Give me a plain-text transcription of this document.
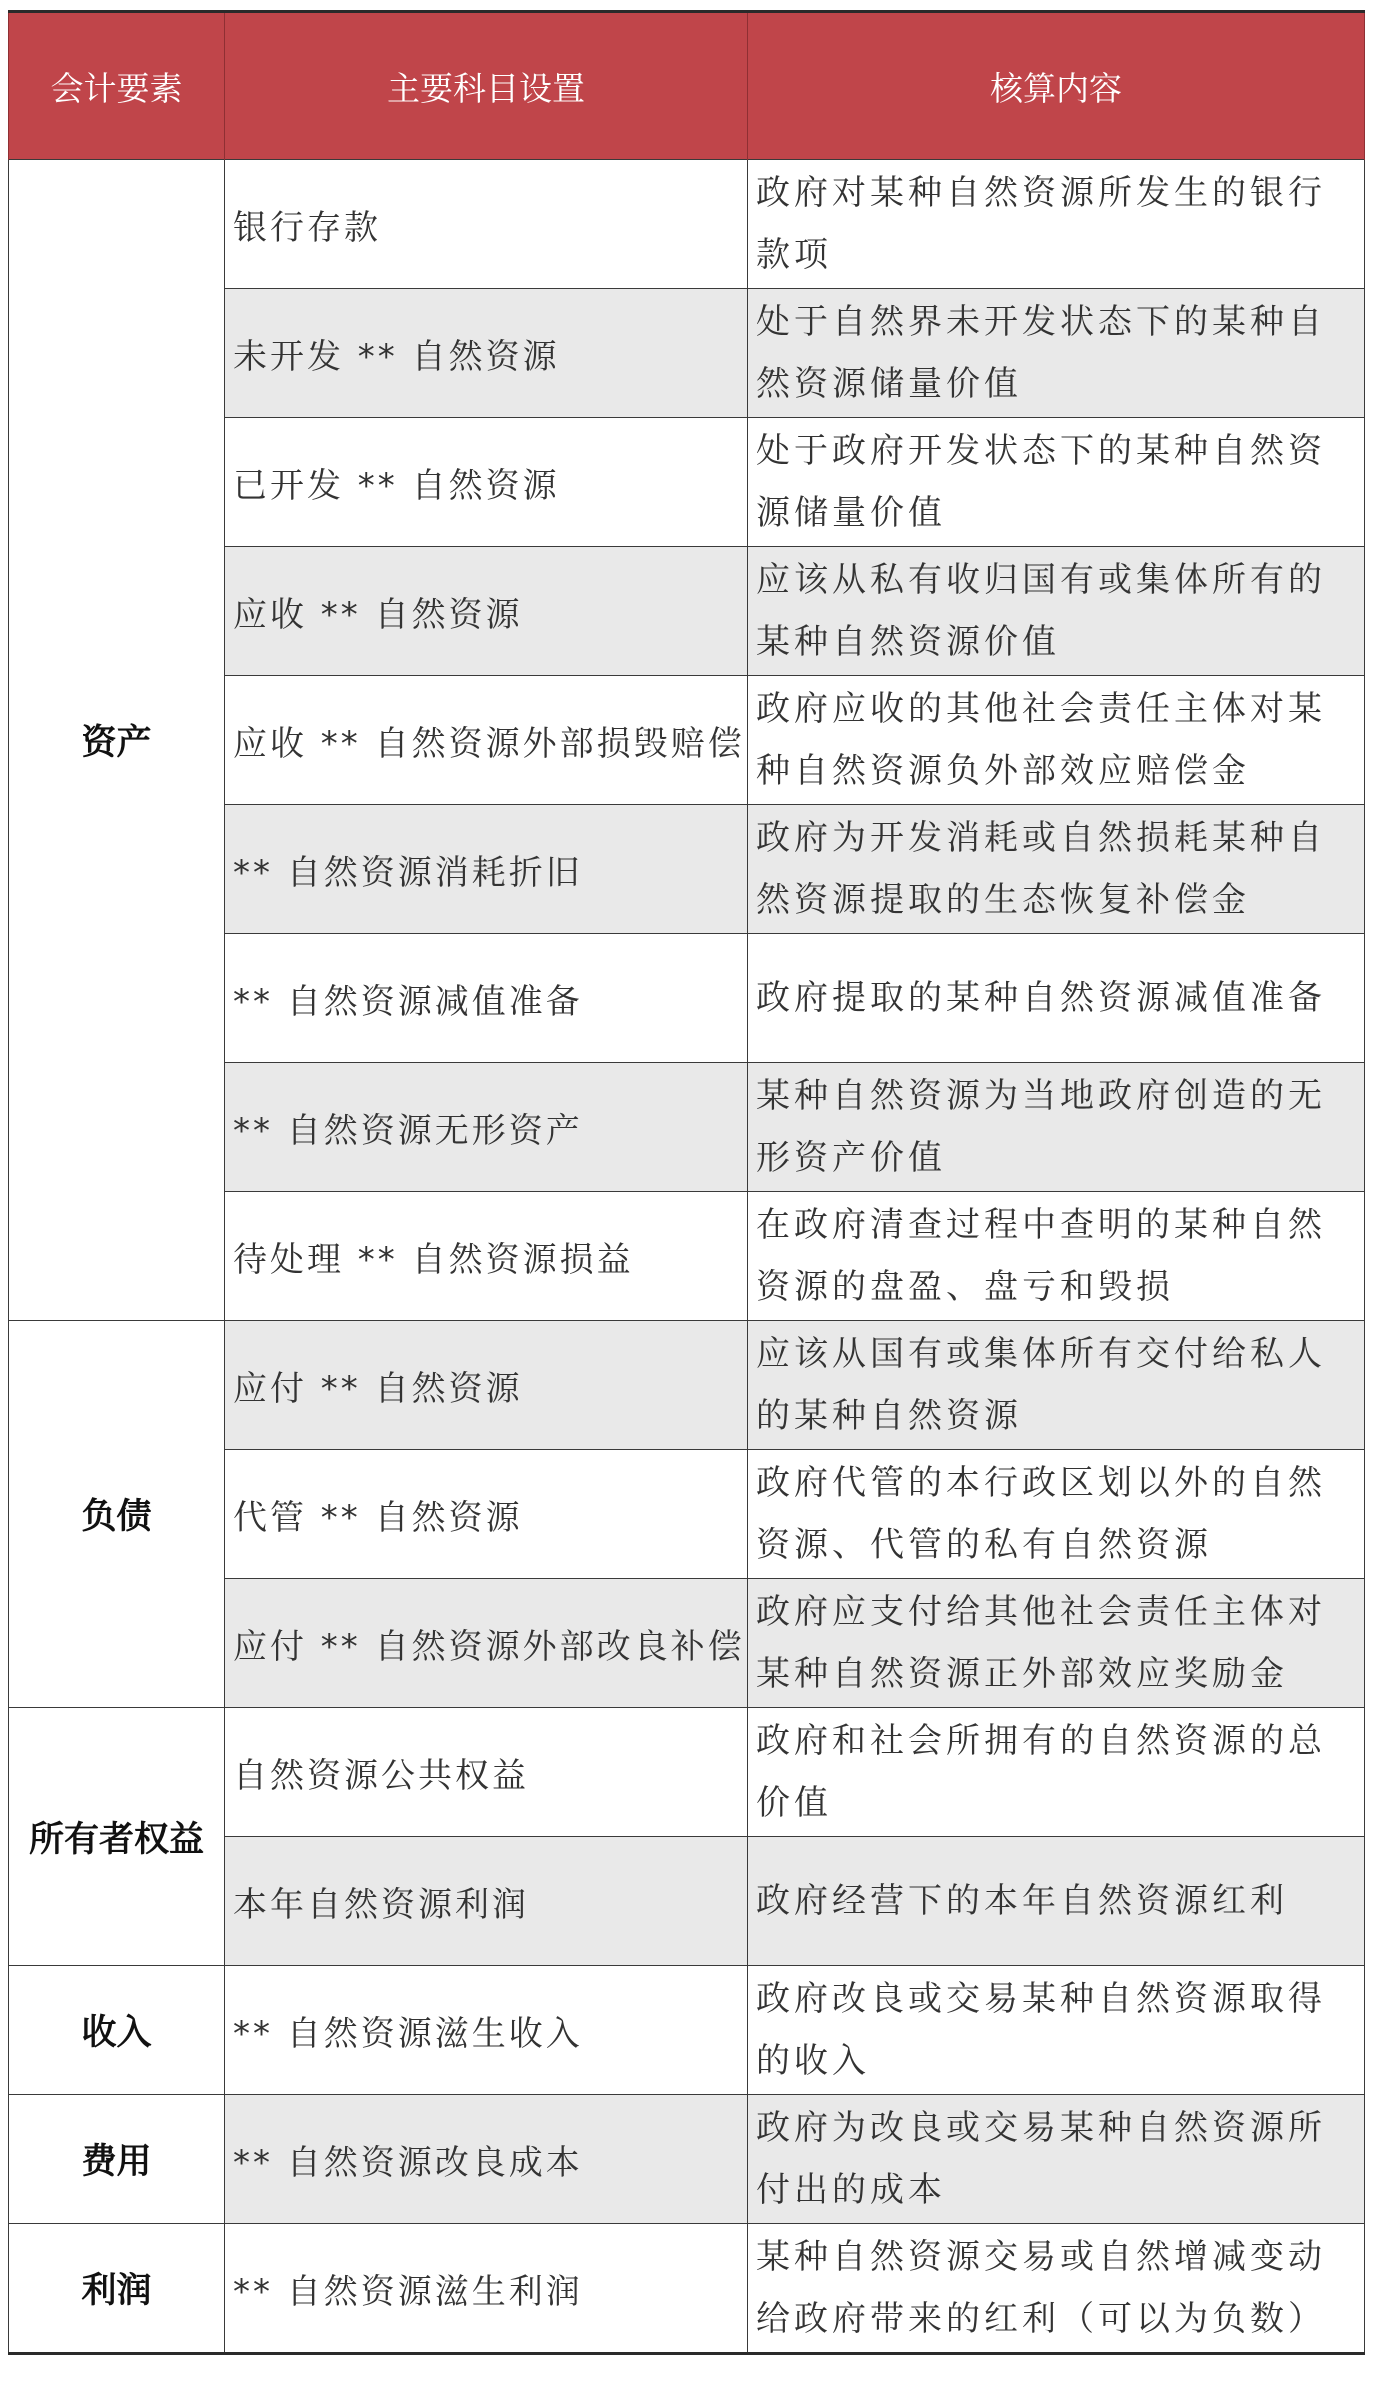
会计要素	主要科目设置	核算内容
资产	银行存款	政府对某种自然资源所发生的银行款项
	未开发 ** 自然资源	处于自然界未开发状态下的某种自然资源储量价值
	已开发 ** 自然资源	处于政府开发状态下的某种自然资源储量价值
	应收 ** 自然资源	应该从私有收归国有或集体所有的某种自然资源价值
	应收 ** 自然资源外部损毁赔偿	政府应收的其他社会责任主体对某种自然资源负外部效应赔偿金
	** 自然资源消耗折旧	政府为开发消耗或自然损耗某种自然资源提取的生态恢复补偿金
	** 自然资源减值准备	政府提取的某种自然资源减值准备
	** 自然资源无形资产	某种自然资源为当地政府创造的无形资产价值
	待处理 ** 自然资源损益	在政府清查过程中查明的某种自然资源的盘盈、盘亏和毁损
负债	应付 ** 自然资源	应该从国有或集体所有交付给私人的某种自然资源
	代管 ** 自然资源	政府代管的本行政区划以外的自然资源、代管的私有自然资源
	应付 ** 自然资源外部改良补偿	政府应支付给其他社会责任主体对某种自然资源正外部效应奖励金
所有者权益	自然资源公共权益	政府和社会所拥有的自然资源的总价值
	本年自然资源利润	政府经营下的本年自然资源红利
收入	** 自然资源滋生收入	政府改良或交易某种自然资源取得的收入
费用	** 自然资源改良成本	政府为改良或交易某种自然资源所付出的成本
利润	** 自然资源滋生利润	某种自然资源交易或自然增减变动给政府带来的红利（可以为负数）
